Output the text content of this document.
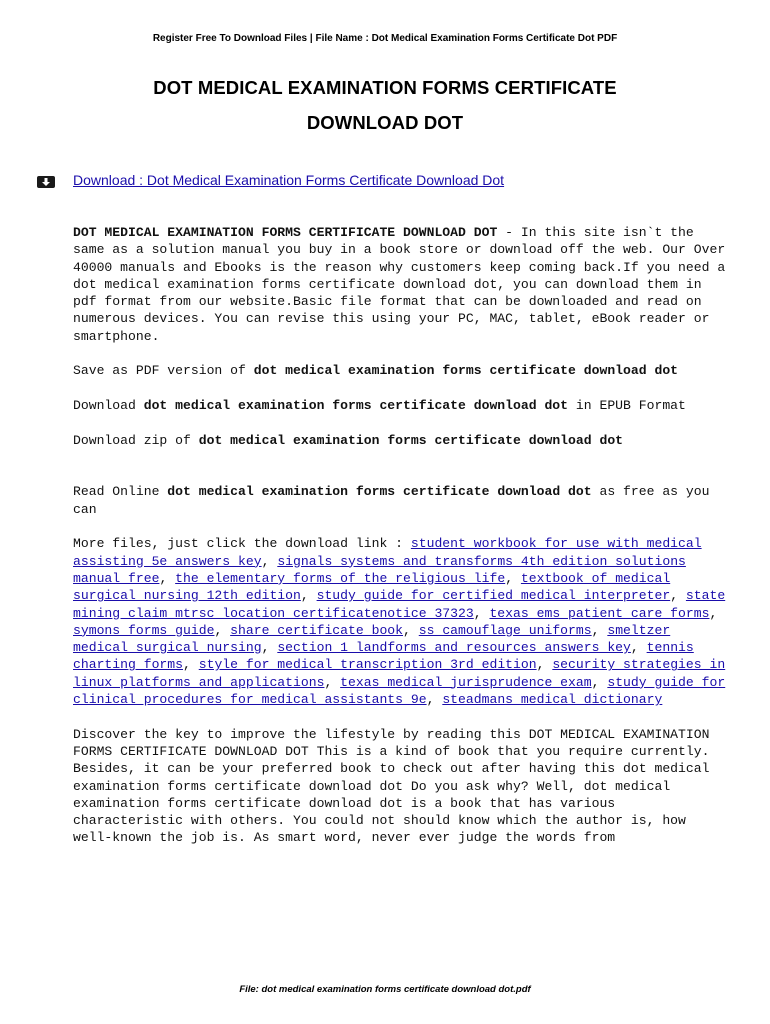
Register Free To Download Files | File Name : Dot Medical Examination Forms Certificate Dot PDF
DOT MEDICAL EXAMINATION FORMS CERTIFICATE
DOWNLOAD DOT
Download : Dot Medical Examination Forms Certificate Download Dot

DOT MEDICAL EXAMINATION FORMS CERTIFICATE DOWNLOAD DOT - In this site isn`t the same as a solution manual you buy in a book store or download off the web. Our Over 40000 manuals and Ebooks is the reason why customers keep coming back.If you need a dot medical examination forms certificate download dot, you can download them in pdf format from our website.Basic file format that can be downloaded and read on numerous devices. You can revise this using your PC, MAC, tablet, eBook reader or smartphone.

Save as PDF version of dot medical examination forms certificate download dot

Download dot medical examination forms certificate download dot in EPUB Format

Download zip of dot medical examination forms certificate download dot

Read Online dot medical examination forms certificate download dot as free as you can

More files, just click the download link : student workbook for use with medical assisting 5e answers key, signals systems and transforms 4th edition solutions manual free, the elementary forms of the religious life, textbook of medical surgical nursing 12th edition, study guide for certified medical interpreter, state mining claim mtrsc location certificatenotice 37323, texas ems patient care forms, symons forms guide, share certificate book, ss camouflage uniforms, smeltzer medical surgical nursing, section 1 landforms and resources answers key, tennis charting forms, style for medical transcription 3rd edition, security strategies in linux platforms and applications, texas medical jurisprudence exam, study guide for clinical procedures for medical assistants 9e, steadmans medical dictionary

Discover the key to improve the lifestyle by reading this DOT MEDICAL EXAMINATION FORMS CERTIFICATE DOWNLOAD DOT This is a kind of book that you require currently. Besides, it can be your preferred book to check out after having this dot medical examination forms certificate download dot Do you ask why? Well, dot medical examination forms certificate download dot is a book that has various characteristic with others. You could not should know which the author is, how well-known the job is. As smart word, never ever judge the words from

File: dot medical examination forms certificate download dot.pdf
